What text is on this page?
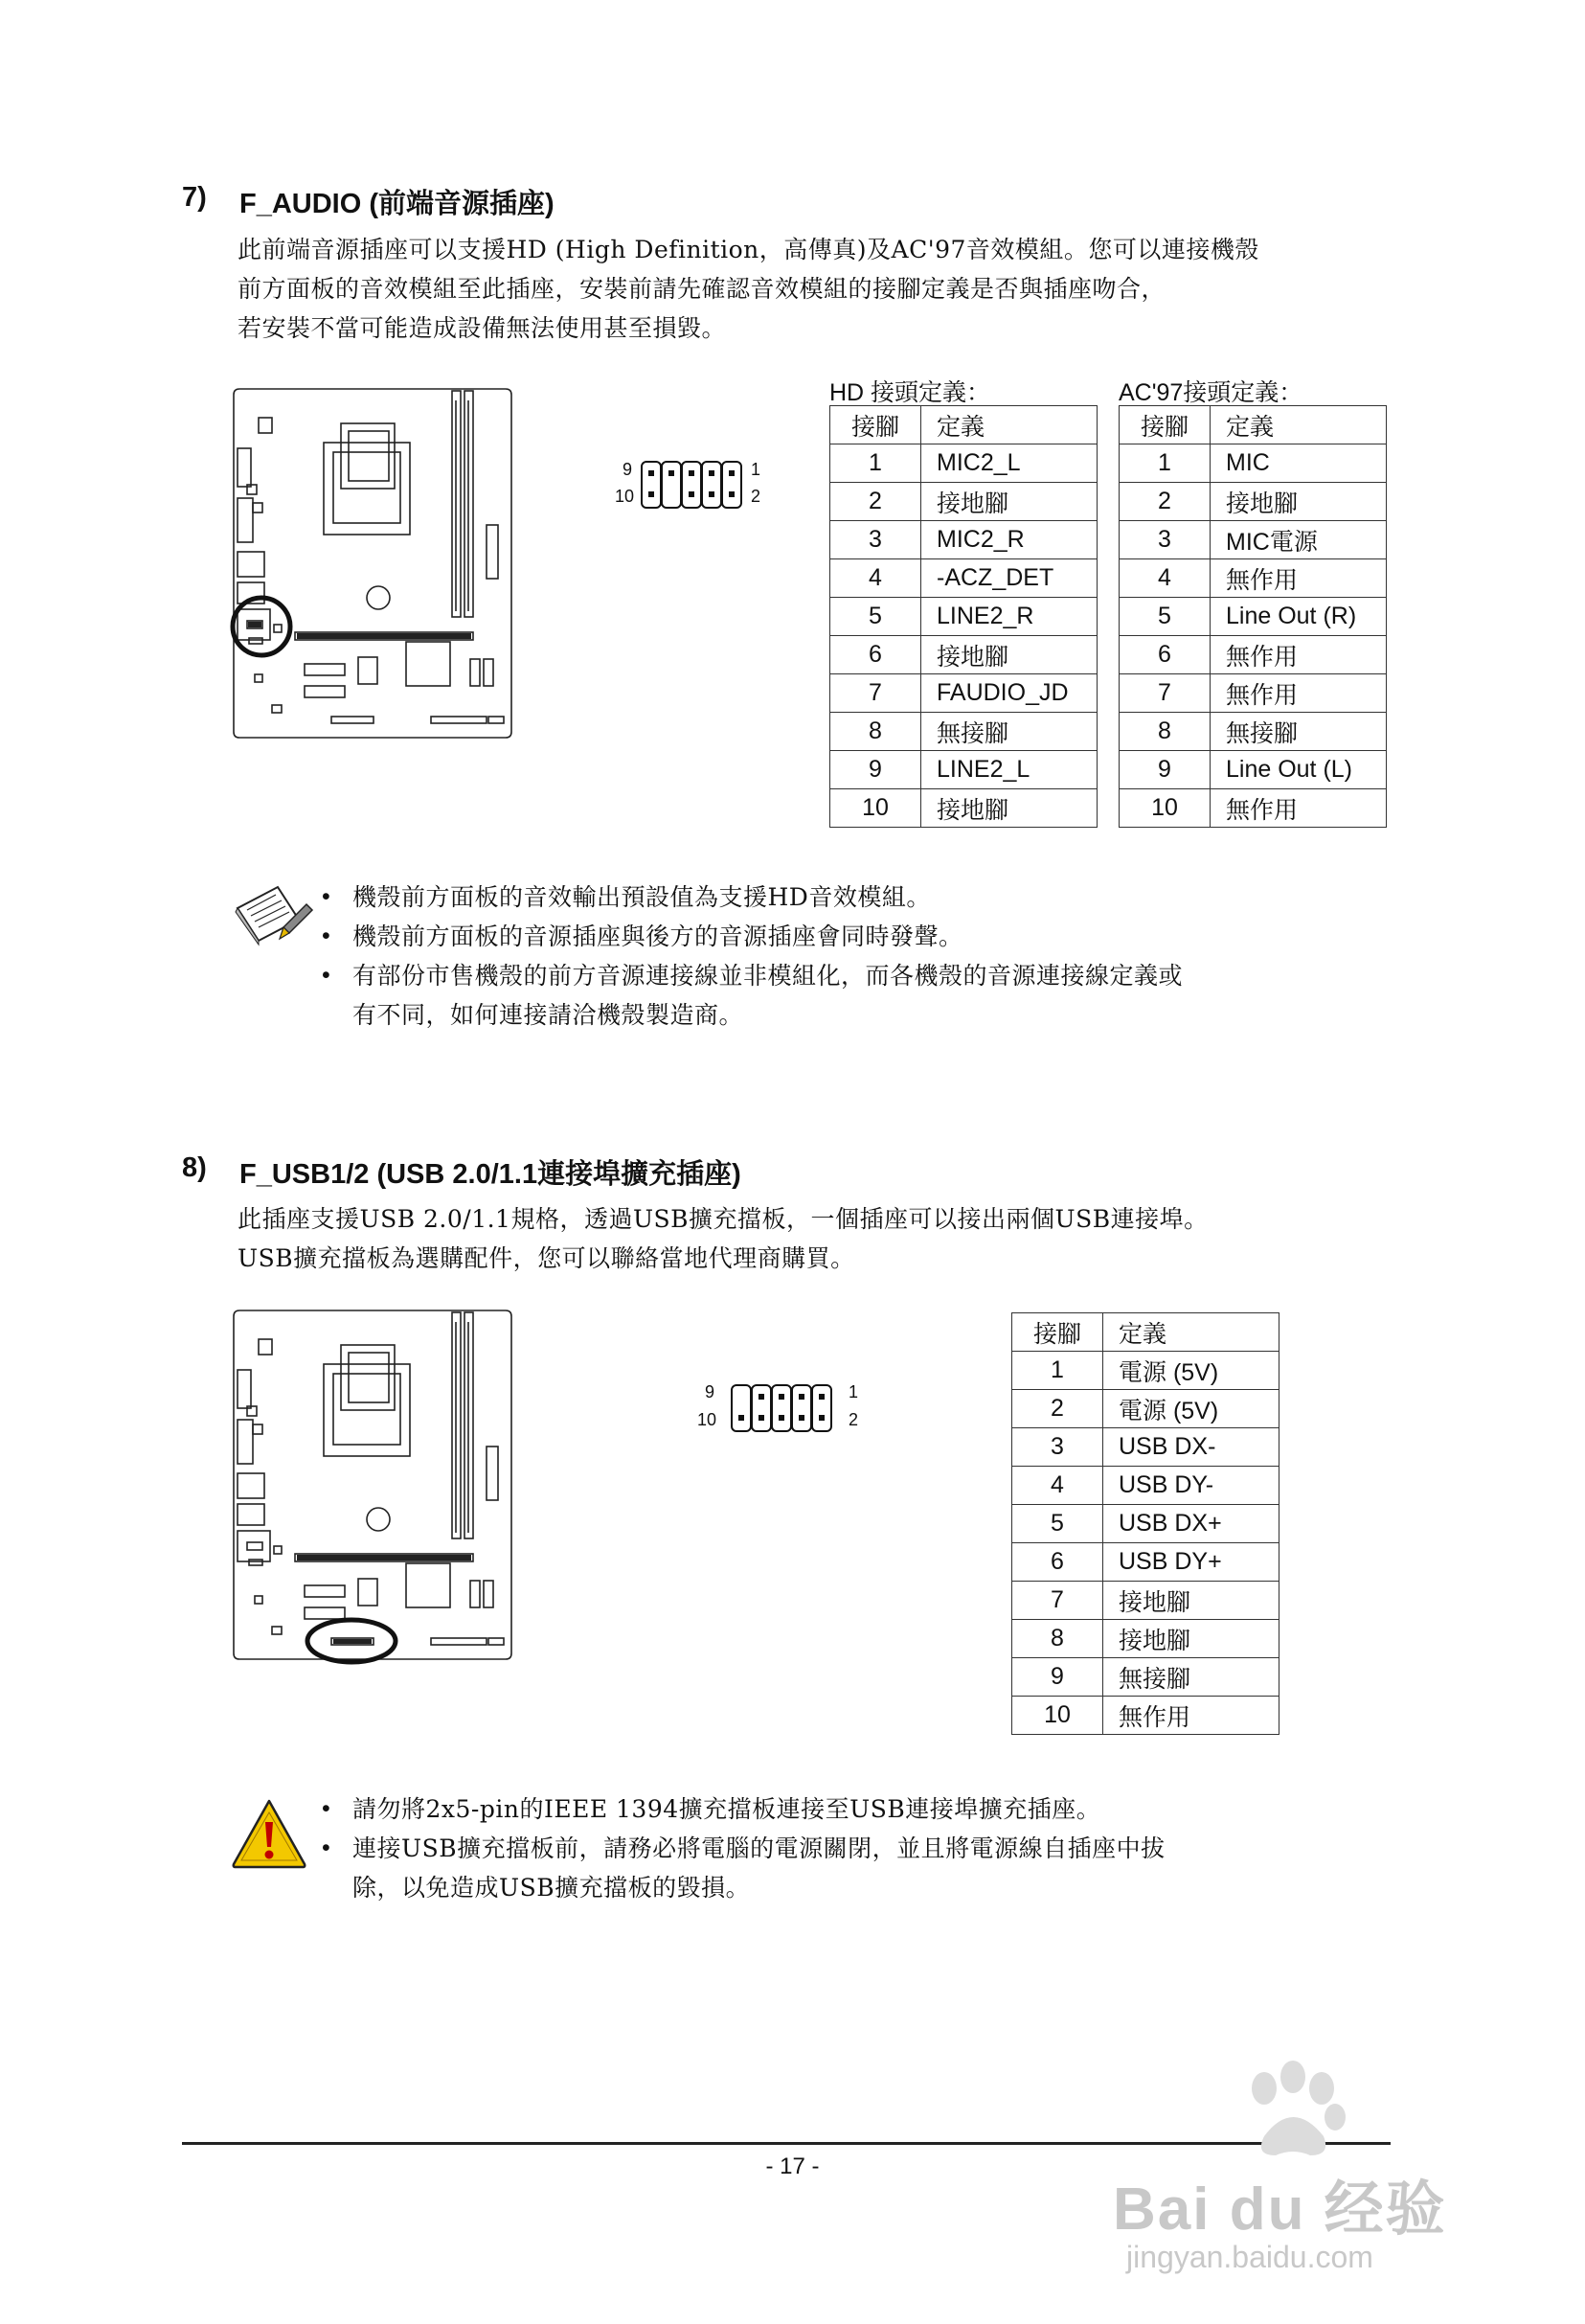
7) F_AUDIO (前端音源插座)
此前端音源插座可以支援HD (High Definition，高傳真)及AC'97音效模組。您可以連接機殼
前方面板的音效模組至此插座，安裝前請先確認音效模組的接腳定義是否與插座吻合，
若安裝不當可能造成設備無法使用甚至損毀。
9
10
1
2
HD 接頭定義：
接腳	定義
1	MIC2_L
2	接地腳
3	MIC2_R
4	-ACZ_DET
5	LINE2_R
6	接地腳
7	FAUDIO_JD
8	無接腳
9	LINE2_L
10	接地腳
AC'97接頭定義：
接腳	定義
1	MIC
2	接地腳
3	MIC電源
4	無作用
5	Line Out (R)
6	無作用
7	無作用
8	無接腳
9	Line Out (L)
10	無作用
• 機殼前方面板的音效輸出預設值為支援HD音效模組。
• 機殼前方面板的音源插座與後方的音源插座會同時發聲。
• 有部份市售機殼的前方音源連接線並非模組化，而各機殼的音源連接線定義或
有不同，如何連接請洽機殼製造商。
8) F_USB1/2 (USB 2.0/1.1連接埠擴充插座)
此插座支援USB 2.0/1.1規格，透過USB擴充擋板，一個插座可以接出兩個USB連接埠。
USB擴充擋板為選購配件，您可以聯絡當地代理商購買。
9
10
1
2
接腳	定義
1	電源 (5V)
2	電源 (5V)
3	USB DX-
4	USB DY-
5	USB DX+
6	USB DY+
7	接地腳
8	接地腳
9	無接腳
10	無作用
• 請勿將2x5-pin的IEEE 1394擴充擋板連接至USB連接埠擴充插座。
• 連接USB擴充擋板前，請務必將電腦的電源關閉，並且將電源線自插座中拔
除，以免造成USB擴充擋板的毀損。
- 17 -
Bai du 经验
jingyan.baidu.com
